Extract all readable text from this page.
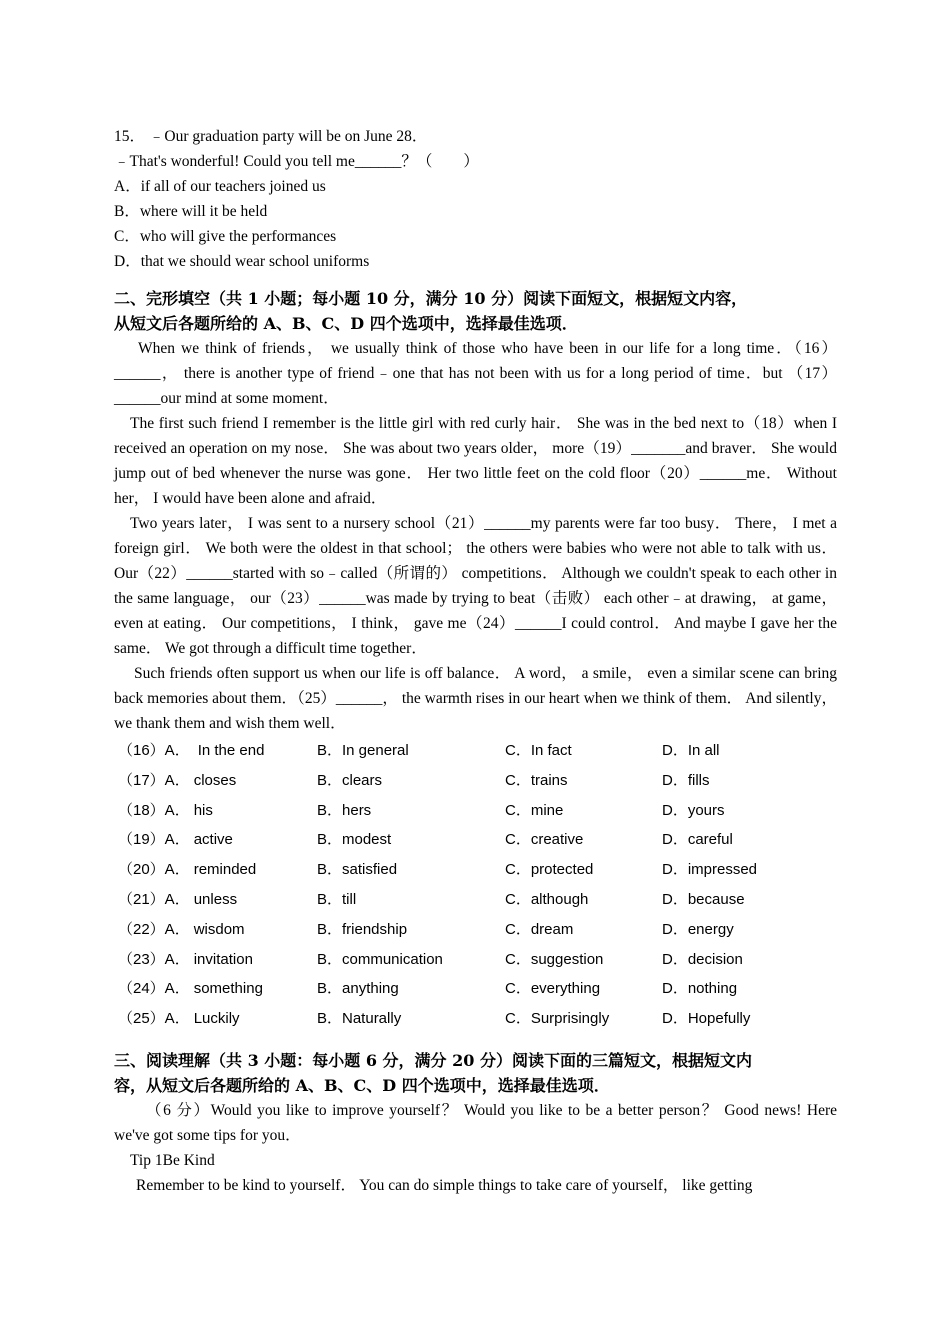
15． ﹣Our graduation party will be on June 28．
﹣That's wonderful! Could you tell me______？（　　）
A．if all of our teachers joined us
B．where will it be held
C．who will give the performances
D．that we should wear school uniforms
二、完形填空（共 1 小题；每小题 10 分，满分 10 分）阅读下面短文，根据短文内容，
从短文后各题所给的 A、B、C、D 四个选项中，选择最佳选项．

When we think of friends， we usually think of those who have been in our life for a long time．（16）______， there is another type of friend﹣one that has not been with us for a long period of time．but （17）______our mind at some moment．

The first such friend I remember is the little girl with red curly hair． She was in the bed next to（18）when I received an operation on my nose． She was about two years older， more（19）_______and braver． She would jump out of bed whenever the nurse was gone． Her two little feet on the cold floor（20）______me． Without her， I would have been alone and afraid．

Two years later， I was sent to a nursery school（21）______my parents were far too busy． There， I met a foreign girl． We both were the oldest in that school； the others were babies who were not able to talk with us． Our（22）______started with so﹣called（所谓的） competitions． Although we couldn't speak to each other in the same language， our（23）______was made by trying to beat（击败） each other﹣at drawing， at game， even at eating． Our competitions， I think， gave me（24）______I could control． And maybe I gave her the same． We got through a difficult time together．

Such friends often support us when our life is off balance． A word， a smile， even a similar scene can bring back memories about them．（25）______， the warmth rises in our heart when we think of them． And silently， we thank them and wish them well．

（16）A． In the end	B．In general	C．In fact	D．In all
（17）A． closes	B．clears	C．trains	D．fills
（18）A． his	B．hers	C．mine	D．yours
（19）A． active	B．modest	C．creative	D．careful
（20）A． reminded	B．satisfied	C．protected	D．impressed
（21）A． unless	B．till	C．although	D．because
（22）A． wisdom	B．friendship	C．dream	D．energy
（23）A． invitation	B．communication	C．suggestion	D．decision
（24）A． something	B．anything	C．everything	D．nothing
（25）A． Luckily	B．Naturally	C．Surprisingly	D．Hopefully
三、阅读理解（共 3 小题：每小题 6 分，满分 20 分）阅读下面的三篇短文，根据短文内
容，从短文后各题所给的 A、B、C、D 四个选项中，选择最佳选项．

（6 分）Would you like to improve yourself？ Would you like to be a better person？ Good news! Here we've got some tips for you．

Tip 1Be Kind

Remember to be kind to yourself． You can do simple things to take care of yourself， like getting
